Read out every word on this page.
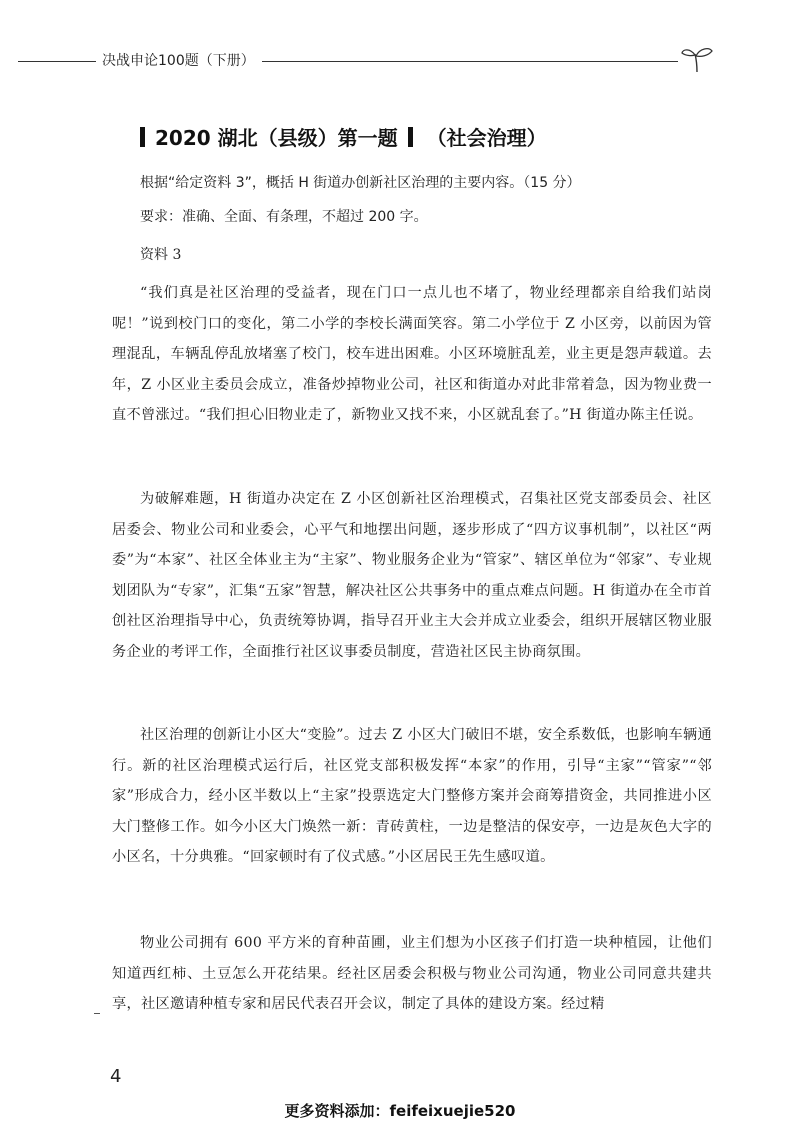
决战申论100题（下册）
2020 湖北（县级）第一题 （社会治理）
根据“给定资料 3”，概括 H 街道办创新社区治理的主要内容。（15 分）
要求：准确、全面、有条理，不超过 200 字。
资料 3

“我们真是社区治理的受益者，现在门口一点儿也不堵了，物业经理都亲自给我们站岗呢！”说到校门口的变化，第二小学的李校长满面笑容。第二小学位于 Z 小区旁，以前因为管理混乱，车辆乱停乱放堵塞了校门，校车进出困难。小区环境脏乱差，业主更是怨声载道。去年，Z 小区业主委员会成立，准备炒掉物业公司，社区和街道办对此非常着急，因为物业费一直不曾涨过。“我们担心旧物业走了，新物业又找不来，小区就乱套了。”H 街道办陈主任说。

为破解难题，H 街道办决定在 Z 小区创新社区治理模式，召集社区党支部委员会、社区居委会、物业公司和业委会，心平气和地摆出问题，逐步形成了“四方议事机制”，以社区“两委”为“本家”、社区全体业主为“主家”、物业服务企业为“管家”、辖区单位为“邻家”、专业规划团队为“专家”，汇集“五家”智慧，解决社区公共事务中的重点难点问题。H 街道办在全市首创社区治理指导中心，负责统筹协调，指导召开业主大会并成立业委会，组织开展辖区物业服务企业的考评工作，全面推行社区议事委员制度，营造社区民主协商氛围。

社区治理的创新让小区大“变脸”。过去 Z 小区大门破旧不堪，安全系数低，也影响车辆通行。新的社区治理模式运行后，社区党支部积极发挥“本家”的作用，引导“主家”“管家”“邻家”形成合力，经小区半数以上“主家”投票选定大门整修方案并会商筹措资金，共同推进小区大门整修工作。如今小区大门焕然一新：青砖黄柱，一边是整洁的保安亭，一边是灰色大字的小区名，十分典雅。“回家顿时有了仪式感。”小区居民王先生感叹道。

物业公司拥有 600 平方米的育种苗圃，业主们想为小区孩子们打造一块种植园，让他们知道西红柿、土豆怎么开花结果。经社区居委会积极与物业公司沟通，物业公司同意共建共享，社区邀请种植专家和居民代表召开会议，制定了具体的建设方案。经过精

4
更多资料添加：feifeixuejie520
